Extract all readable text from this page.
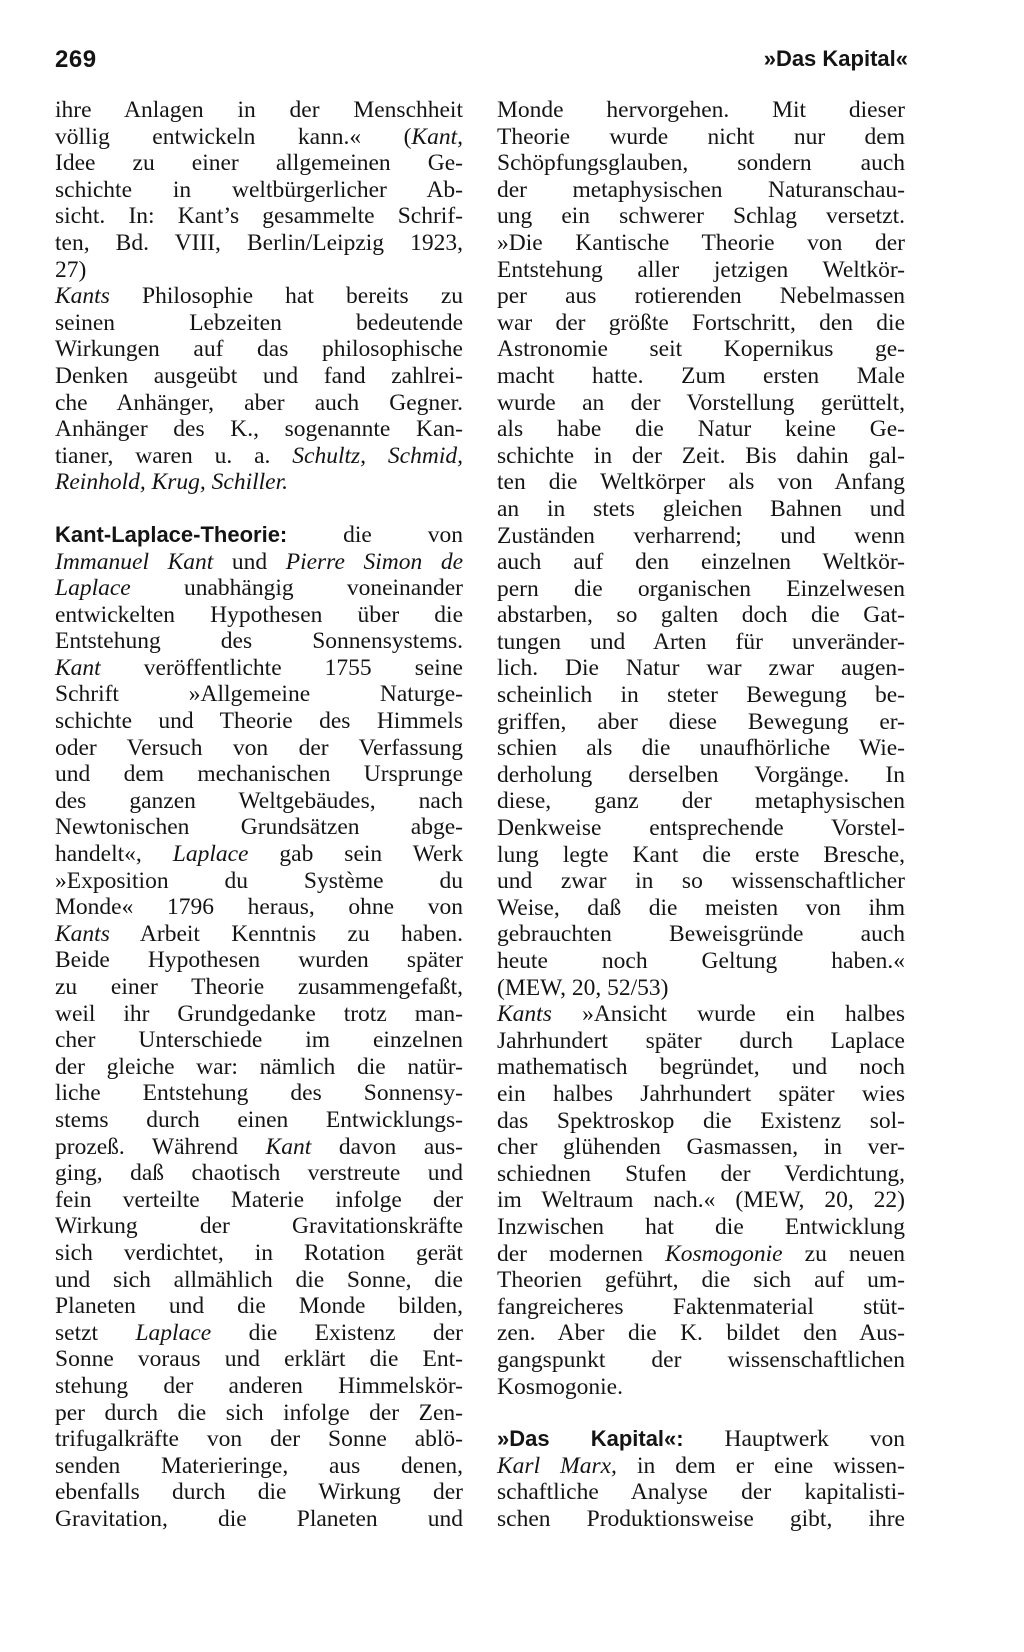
269	»Das Kapital«
ihre Anlagen in der Menschheit
völlig entwickeln kann.« (Kant,
Idee zu einer allgemeinen Ge-
schichte in weltbürgerlicher Ab-
sicht. In: Kant’s gesammelte Schrif-
ten, Bd. VIII, Berlin/Leipzig 1923,
27)
Kants Philosophie hat bereits zu
seinen Lebzeiten bedeutende
Wirkungen auf das philosophische
Denken ausgeübt und fand zahlrei-
che Anhänger, aber auch Gegner.
Anhänger des K., sogenannte Kan-
tianer, waren u. a. Schultz, Schmid,
Reinhold, Krug, Schiller.
Kant-Laplace-Theorie: die von
Immanuel Kant und Pierre Simon de
Laplace unabhängig voneinander
entwickelten Hypothesen über die
Entstehung des Sonnensystems.
Kant veröffentlichte 1755 seine
Schrift »Allgemeine Naturge-
schichte und Theorie des Himmels
oder Versuch von der Verfassung
und dem mechanischen Ursprunge
des ganzen Weltgebäudes, nach
Newtonischen Grundsätzen abge-
handelt«, Laplace gab sein Werk
»Exposition du Système du
Monde« 1796 heraus, ohne von
Kants Arbeit Kenntnis zu haben.
Beide Hypothesen wurden später
zu einer Theorie zusammengefaßt,
weil ihr Grundgedanke trotz man-
cher Unterschiede im einzelnen
der gleiche war: nämlich die natür-
liche Entstehung des Sonnensy-
stems durch einen Entwicklungs-
prozeß. Während Kant davon aus-
ging, daß chaotisch verstreute und
fein verteilte Materie infolge der
Wirkung der Gravitationskräfte
sich verdichtet, in Rotation gerät
und sich allmählich die Sonne, die
Planeten und die Monde bilden,
setzt Laplace die Existenz der
Sonne voraus und erklärt die Ent-
stehung der anderen Himmelskör-
per durch die sich infolge der Zen-
trifugalkräfte von der Sonne ablö-
senden Materieringe, aus denen,
ebenfalls durch die Wirkung der
Gravitation, die Planeten und
Monde hervorgehen. Mit dieser
Theorie wurde nicht nur dem
Schöpfungsglauben, sondern auch
der metaphysischen Naturanschau-
ung ein schwerer Schlag versetzt.
»Die Kantische Theorie von der
Entstehung aller jetzigen Weltkör-
per aus rotierenden Nebelmassen
war der größte Fortschritt, den die
Astronomie seit Kopernikus ge-
macht hatte. Zum ersten Male
wurde an der Vorstellung gerüttelt,
als habe die Natur keine Ge-
schichte in der Zeit. Bis dahin gal-
ten die Weltkörper als von Anfang
an in stets gleichen Bahnen und
Zuständen verharrend; und wenn
auch auf den einzelnen Weltkör-
pern die organischen Einzelwesen
abstarben, so galten doch die Gat-
tungen und Arten für unveränder-
lich. Die Natur war zwar augen-
scheinlich in steter Bewegung be-
griffen, aber diese Bewegung er-
schien als die unaufhörliche Wie-
derholung derselben Vorgänge. In
diese, ganz der metaphysischen
Denkweise entsprechende Vorstel-
lung legte Kant die erste Bresche,
und zwar in so wissenschaftlicher
Weise, daß die meisten von ihm
gebrauchten Beweisgründe auch
heute noch Geltung haben.«
(MEW, 20, 52/53)
Kants »Ansicht wurde ein halbes
Jahrhundert später durch Laplace
mathematisch begründet, und noch
ein halbes Jahrhundert später wies
das Spektroskop die Existenz sol-
cher glühenden Gasmassen, in ver-
schiednen Stufen der Verdichtung,
im Weltraum nach.« (MEW, 20, 22)
Inzwischen hat die Entwicklung
der modernen Kosmogonie zu neuen
Theorien geführt, die sich auf um-
fangreicheres Faktenmaterial stüt-
zen. Aber die K. bildet den Aus-
gangspunkt der wissenschaftlichen
Kosmogonie.
»Das Kapital«: Hauptwerk von
Karl Marx, in dem er eine wissen-
schaftliche Analyse der kapitalisti-
schen Produktionsweise gibt, ihre
